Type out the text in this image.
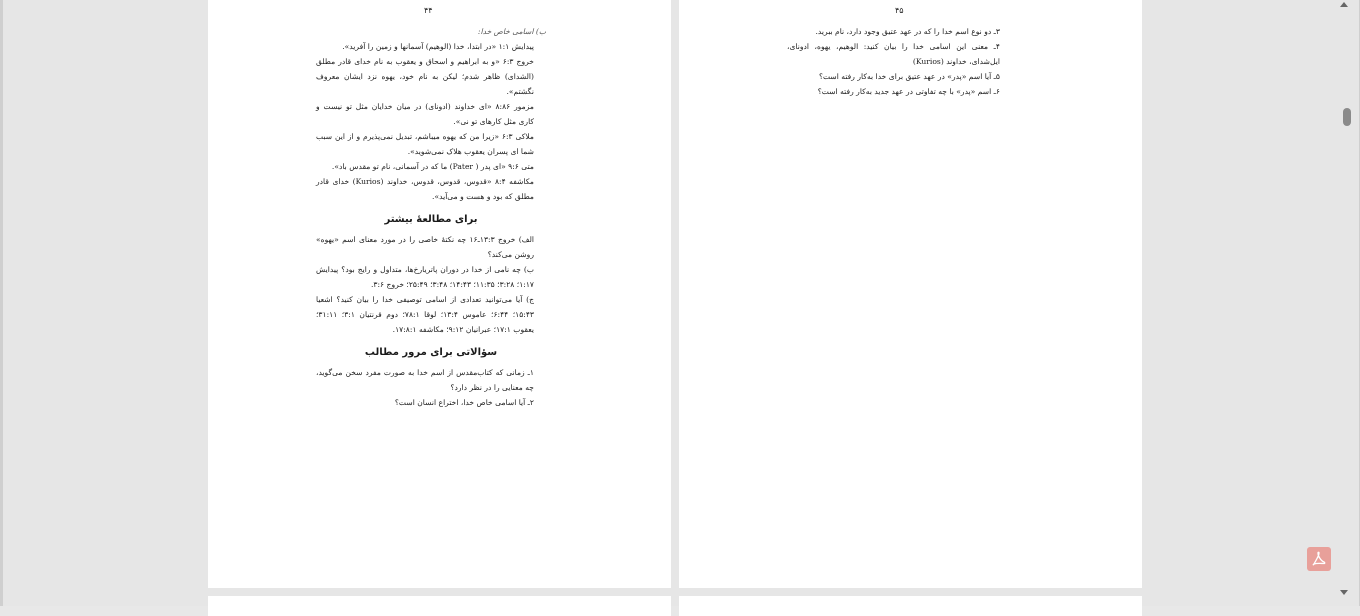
۴۴
ب) اسامی خاص خدا:
پیدایش ۱:۱ «در ابتدا، خدا (الوهیم) آسمانها و زمین را آفرید».
خروج ۶:۳ «و به ابراهیم و اسحاق و یعقوب به نام خدای قادر مطلق (الشدای) ظاهر شدم؛ لیکن به نام خود، یهوه نزد ایشان معروف نگشتم».
مزمور ۸:۸۶ «ای خداوند (ادونای) در میان خدایان مثل تو نیست و کاری مثل کارهای تو نی».
ملاکی ۶:۳ «زیرا من که یهوه میباشم، تبدیل نمی‌پذیرم و از این سبب شما ای پسران یعقوب هلاک نمی‌شوید».
متی ۹:۶ «ای پدر ( Pater) ما که در آسمانی، نام تو مقدس باد».
مکاشفه ۸:۴ «قدوس، قدوس، قدوس، خداوند (Kurios) خدای قادر مطلق که بود و هست و می‌آید».
برای مطالعهٔ بیشتر
الف) خروج ۱۳:۳ـ۱۶ چه نکتهٔ خاصی را در مورد معنای اسم «یهوه» روشن می‌کند؟
ب) چه نامی از خدا در دوران پاتریارخ‌ها، متداول و رایج بود؟ پیدایش ۱:۱۷؛ ۳:۲۸؛ ۱۱:۳۵؛ ۱۴:۴۳؛ ۳:۴۸؛ ۲۵:۴۹؛ خروج ۳:۶.
ج) آیا می‌توانید تعدادی از اسامی توصیفی خدا را بیان کنید؟ اشعیا ۱۵:۴۳؛ ۶:۴۴؛ عاموس ۱۳:۴؛ لوقا ۷۸:۱؛ دوم قرنتیان ۳:۱؛ ۳۱:۱۱؛ یعقوب ۱۷:۱؛ عبرانیان ۹:۱۲؛ مکاشفه ۱۷:۸:۱.
سؤالاتی برای مرور مطالب
۱ـ زمانی که کتاب‌مقدس از اسم خدا به صورت مفرد سخن می‌گوید، چه معنایی را در نظر دارد؟
۲ـ آیا اسامی خاص خدا، اختراع انسان است؟
۴۵
۳ـ دو نوع اسم خدا را که در عهد عتیق وجود دارد، نام ببرید.
۴ـ معنی این اسامی خدا را بیان کنید: الوهیم، یهوه، ادونای، ایل‌شدای، خداوند (Kurios)
۵ـ آیا اسم «پدر» در عهد عتیق برای خدا به‌کار رفته است؟
۶ـ اسم «پدر» با چه تفاوتی در عهد جدید به‌کار رفته است؟
